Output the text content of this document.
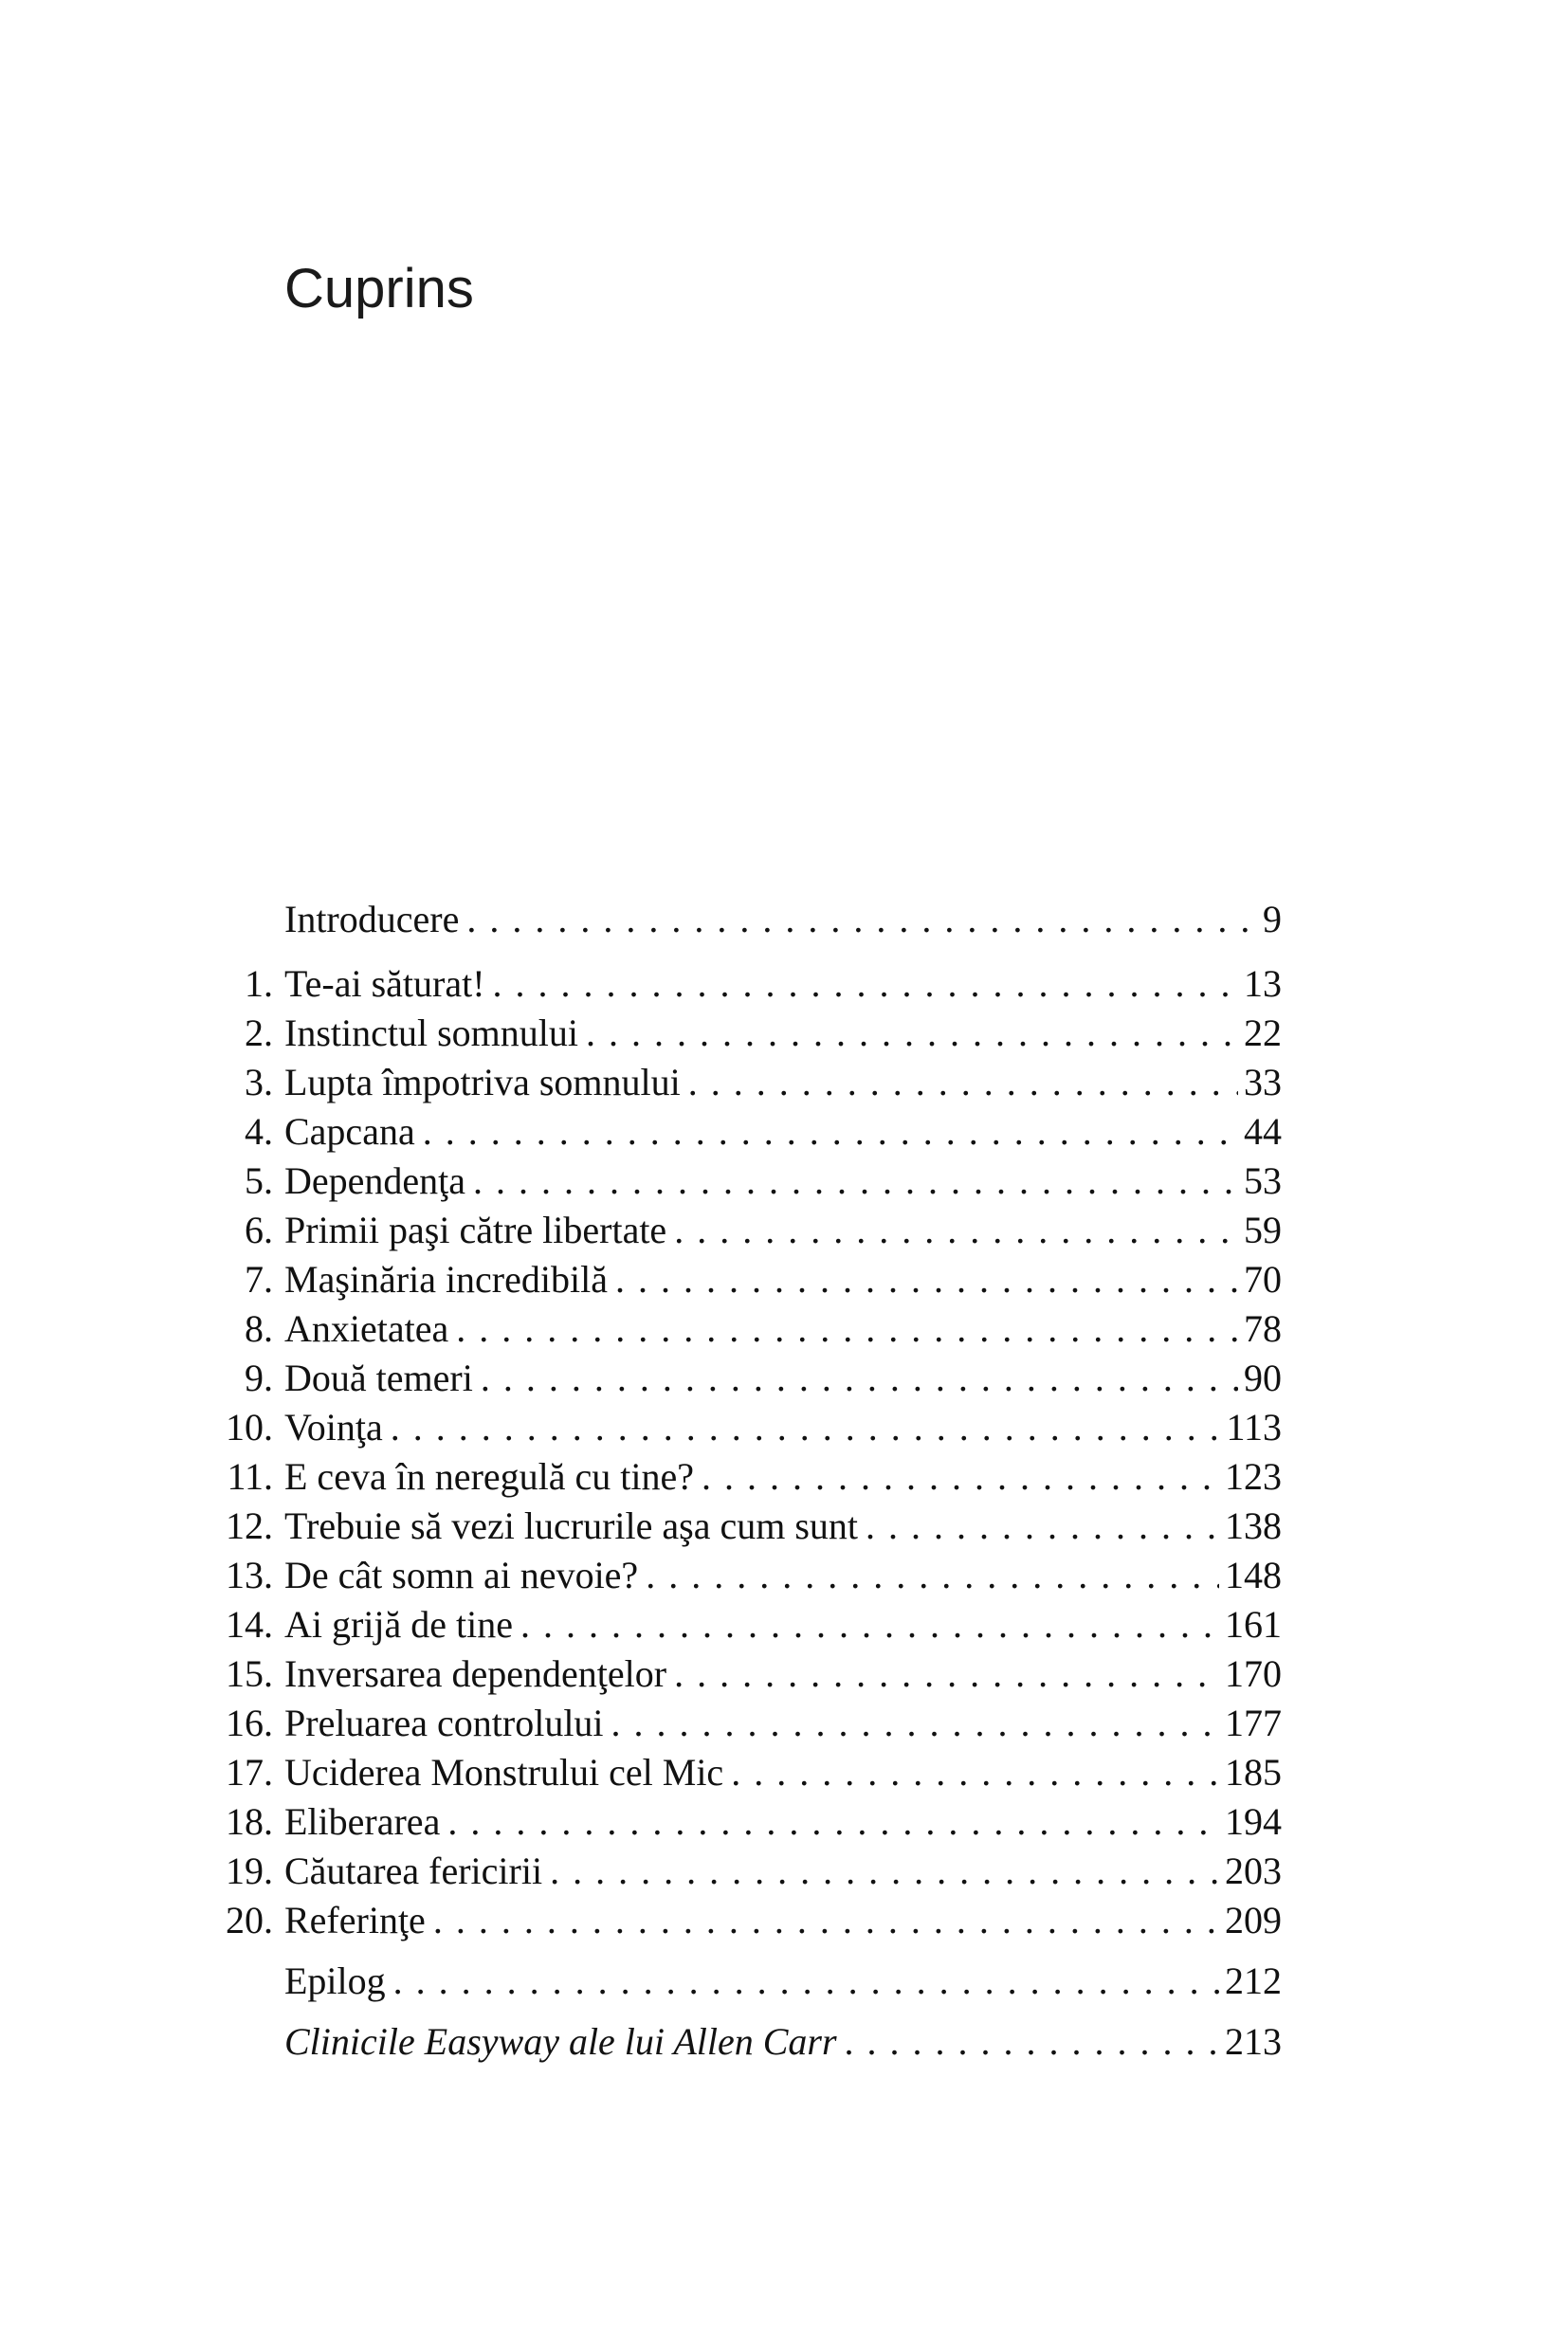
Cuprins
Introducere . . .	9
1. Te-ai săturat! . . .	13
2. Instinctul somnului . . .	22
3. Lupta împotriva somnului . . .	33
4. Capcana . . .	44
5. Dependenţa . . .	53
6. Primii paşi către libertate . . .	59
7. Maşinăria incredibilă . . .	70
8. Anxietatea . . .	78
9. Două temeri . . .	90
10. Voinţa . . .	113
11. E ceva în neregulă cu tine? . . .	123
12. Trebuie să vezi lucrurile aşa cum sunt . . .	138
13. De cât somn ai nevoie? . . .	148
14. Ai grijă de tine . . .	161
15. Inversarea dependenţelor . . .	170
16. Preluarea controlului . . .	177
17. Uciderea Monstrului cel Mic . . .	185
18. Eliberarea . . .	194
19. Căutarea fericirii . . .	203
20. Referinţe . . .	209
Epilog . . .	212
Clinicile Easyway ale lui Allen Carr . . .	213
